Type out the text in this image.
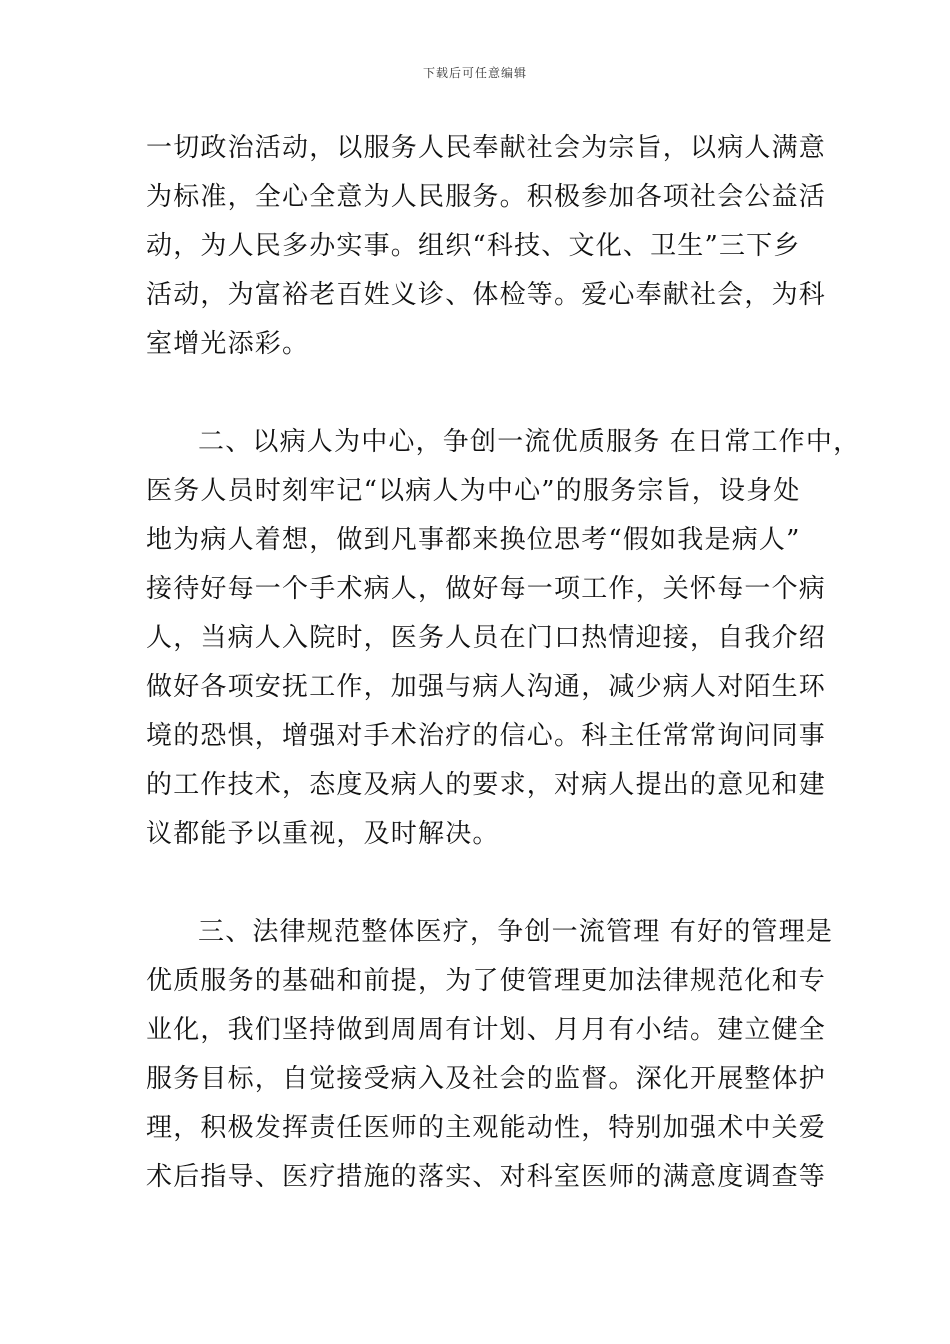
下载后可任意编辑
一切政治活动，以服务人民奉献社会为宗旨，以病人满意
为标准，全心全意为人民服务。积极参加各项社会公益活
动，为人民多办实事。组织“科技、文化、卫生”三下乡
活动，为富裕老百姓义诊、体检等。爱心奉献社会，为科
室增光添彩。
二、以病人为中心，争创一流优质服务 在日常工作中，
医务人员时刻牢记“以病人为中心”的服务宗旨，设身处
地为病人着想，做到凡事都来换位思考“假如我是病人”
接待好每一个手术病人，做好每一项工作，关怀每一个病
人，当病人入院时，医务人员在门口热情迎接，自我介绍
做好各项安抚工作，加强与病人沟通，减少病人对陌生环
境的恐惧，增强对手术治疗的信心。科主任常常询问同事
的工作技术，态度及病人的要求，对病人提出的意见和建
议都能予以重视，及时解决。
三、法律规范整体医疗，争创一流管理 有好的管理是
优质服务的基础和前提，为了使管理更加法律规范化和专
业化，我们坚持做到周周有计划、月月有小结。建立健全
服务目标，自觉接受病入及社会的监督。深化开展整体护
理，积极发挥责任医师的主观能动性，特别加强术中关爱
术后指导、医疗措施的落实、对科室医师的满意度调查等
